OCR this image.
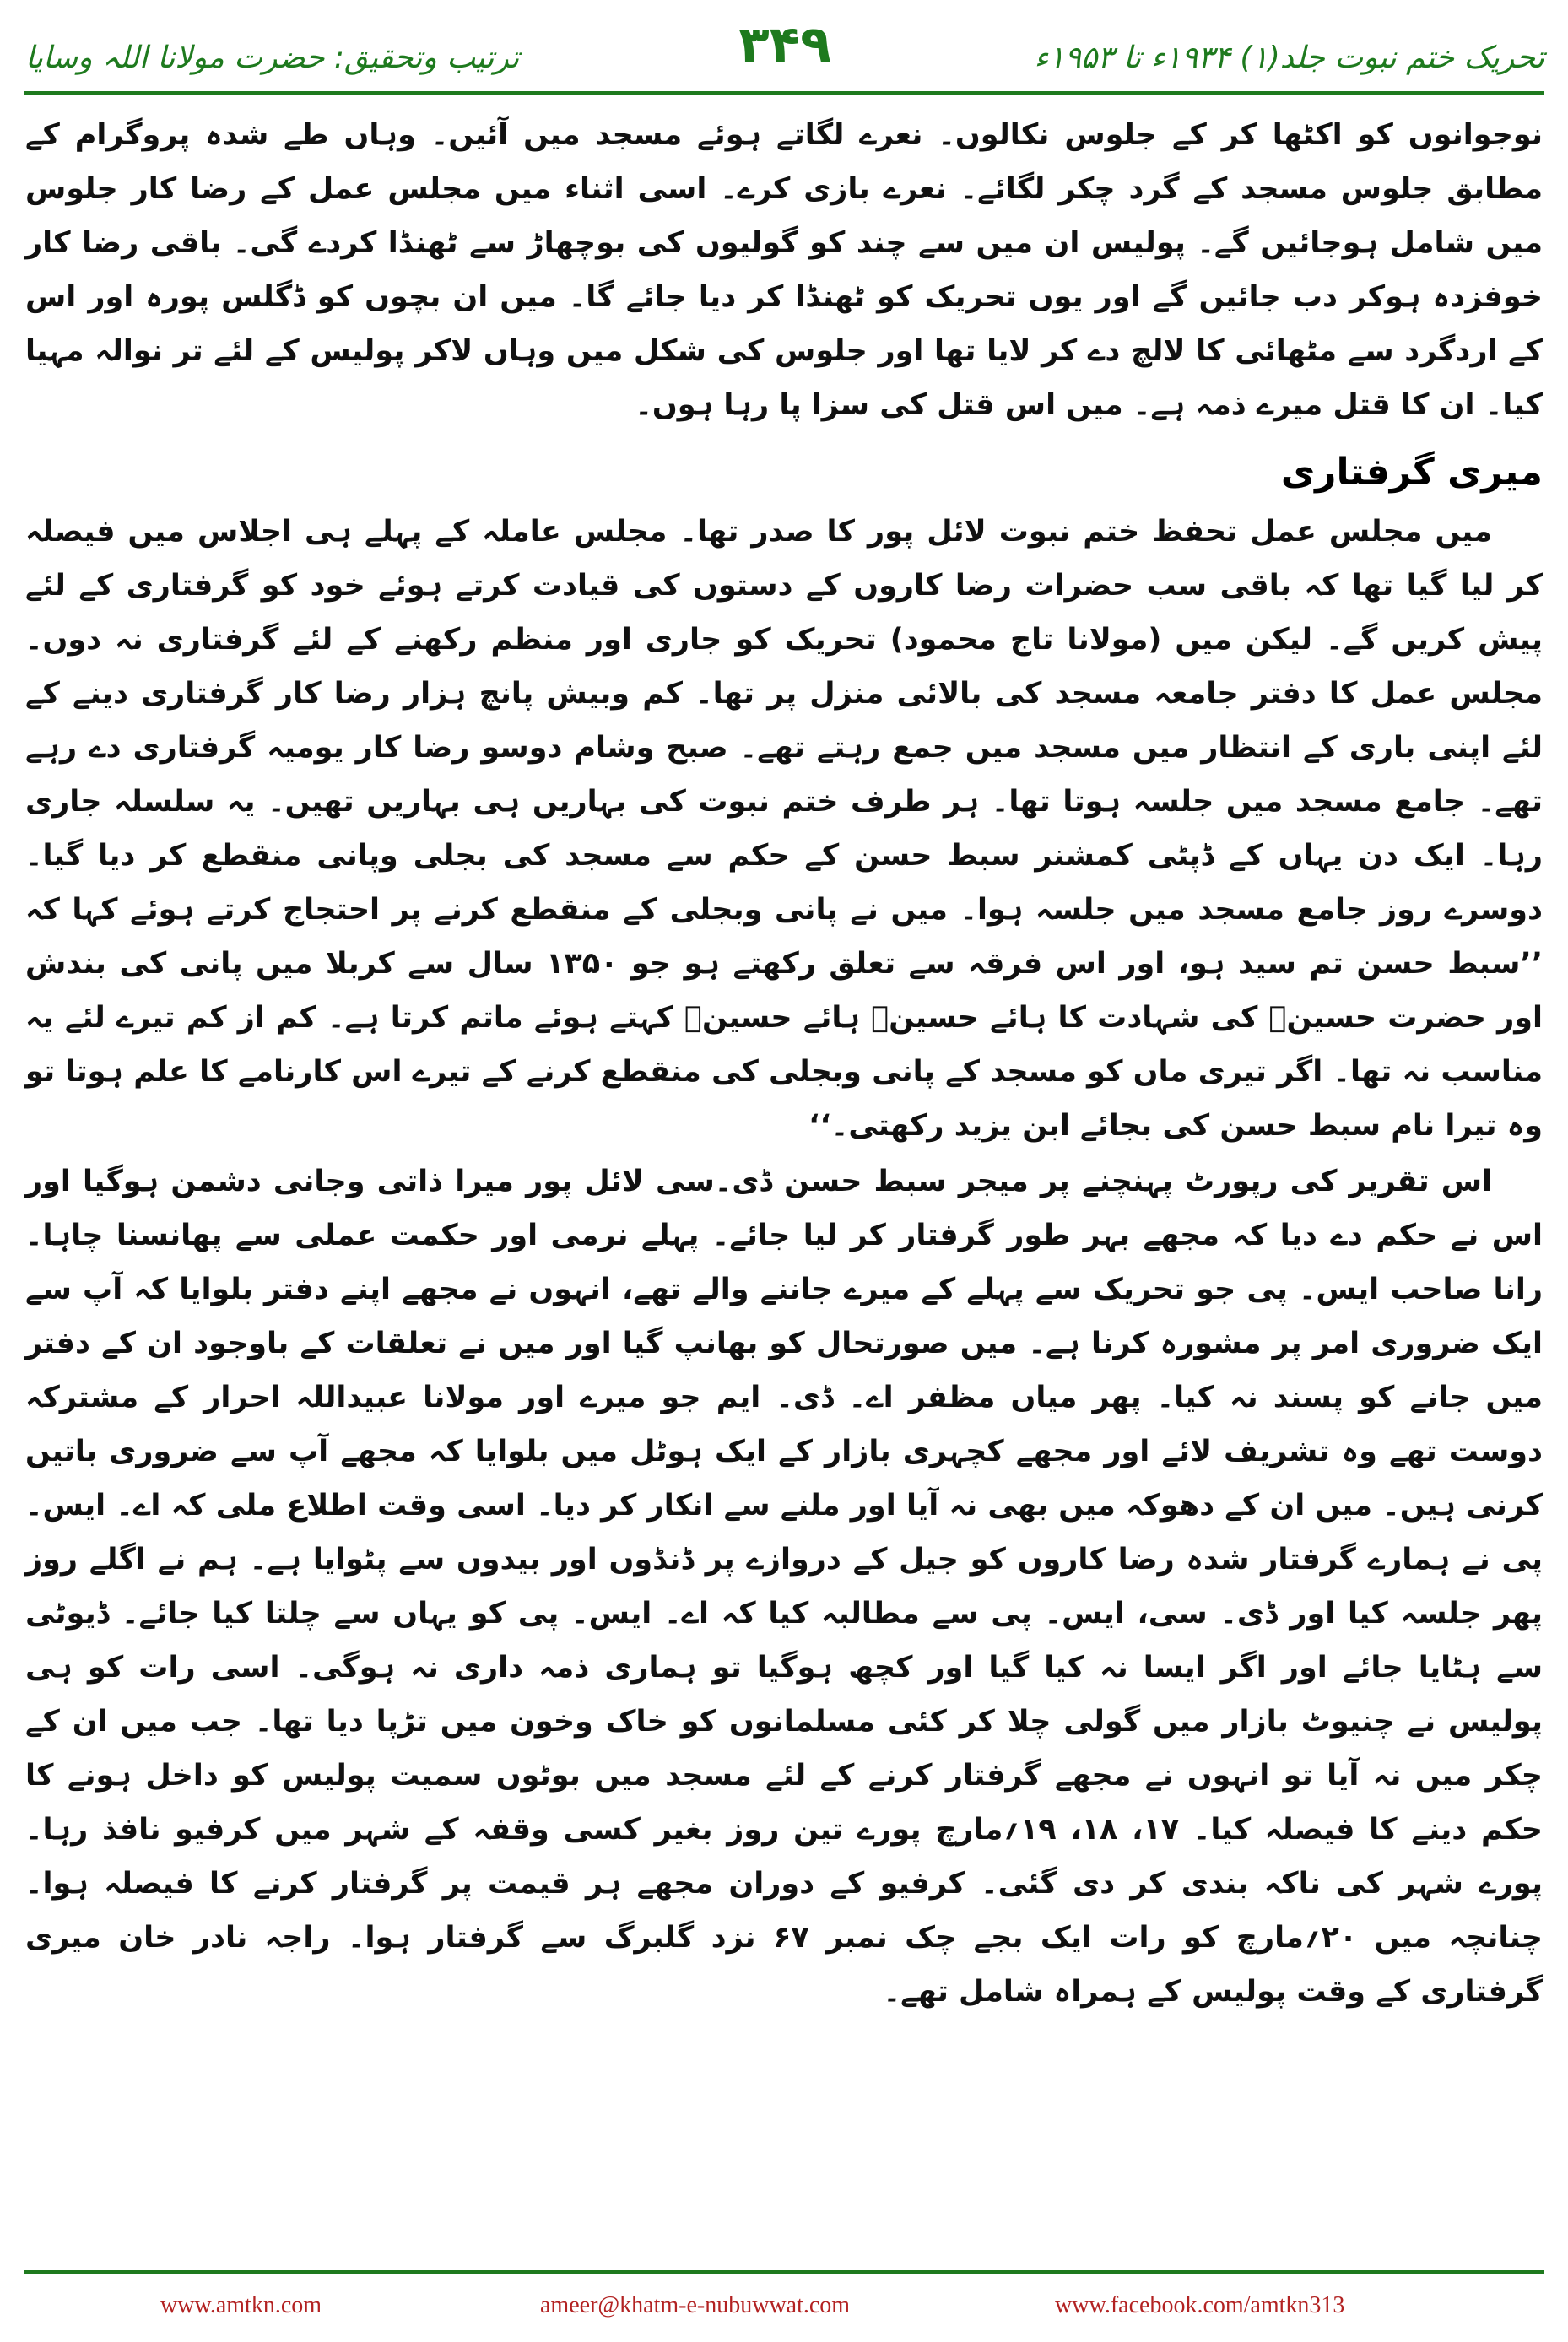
ترتیب وتحقیق: حضرت مولانا اللہ وسایا	۳۴۹	تحریک ختم نبوت جلد(۱) ۱۹۳۴ء تا ۱۹۵۳ء

نوجوانوں کو اکٹھا کر کے جلوس نکالوں۔ نعرے لگاتے ہوئے مسجد میں آئیں۔ وہاں طے شدہ پروگرام کے مطابق جلوس مسجد کے گرد چکر لگائے۔ نعرے بازی کرے۔ اسی اثناء میں مجلس عمل کے رضا کار جلوس میں شامل ہوجائیں گے۔ پولیس ان میں سے چند کو گولیوں کی بوچھاڑ سے ٹھنڈا کردے گی۔ باقی رضا کار خوفزدہ ہوکر دب جائیں گے اور یوں تحریک کو ٹھنڈا کر دیا جائے گا۔ میں ان بچوں کو ڈگلس پورہ اور اس کے اردگرد سے مٹھائی کا لالچ دے کر لایا تھا اور جلوس کی شکل میں وہاں لاکر پولیس کے لئے تر نوالہ مہیا کیا۔ ان کا قتل میرے ذمہ ہے۔ میں اس قتل کی سزا پا رہا ہوں۔

میری گرفتاری

میں مجلس عمل تحفظ ختم نبوت لائل پور کا صدر تھا۔ مجلس عاملہ کے پہلے ہی اجلاس میں فیصلہ کر لیا گیا تھا کہ باقی سب حضرات رضا کاروں کے دستوں کی قیادت کرتے ہوئے خود کو گرفتاری کے لئے پیش کریں گے۔ لیکن میں (مولانا تاج محمود) تحریک کو جاری اور منظم رکھنے کے لئے گرفتاری نہ دوں۔ مجلس عمل کا دفتر جامعہ مسجد کی بالائی منزل پر تھا۔ کم وبیش پانچ ہزار رضا کار گرفتاری دینے کے لئے اپنی باری کے انتظار میں مسجد میں جمع رہتے تھے۔ صبح وشام دوسو رضا کار یومیہ گرفتاری دے رہے تھے۔ جامع مسجد میں جلسہ ہوتا تھا۔ ہر طرف ختم نبوت کی بہاریں ہی بہاریں تھیں۔ یہ سلسلہ جاری رہا۔ ایک دن یہاں کے ڈپٹی کمشنر سبط حسن کے حکم سے مسجد کی بجلی وپانی منقطع کر دیا گیا۔ دوسرے روز جامع مسجد میں جلسہ ہوا۔ میں نے پانی وبجلی کے منقطع کرنے پر احتجاج کرتے ہوئے کہا کہ ’’سبط حسن تم سید ہو، اور اس فرقہ سے تعلق رکھتے ہو جو ۱۳۵۰ سال سے کربلا میں پانی کی بندش اور حضرت حسینؓ کی شہادت کا ہائے حسینؓ ہائے حسینؓ کہتے ہوئے ماتم کرتا ہے۔ کم از کم تیرے لئے یہ مناسب نہ تھا۔ اگر تیری ماں کو مسجد کے پانی وبجلی کی منقطع کرنے کے تیرے اس کارنامے کا علم ہوتا تو وہ تیرا نام سبط حسن کی بجائے ابن یزید رکھتی۔‘‘

اس تقریر کی رپورٹ پہنچنے پر میجر سبط حسن ڈی۔سی لائل پور میرا ذاتی وجانی دشمن ہوگیا اور اس نے حکم دے دیا کہ مجھے بہر طور گرفتار کر لیا جائے۔ پہلے نرمی اور حکمت عملی سے پھانسنا چاہا۔ رانا صاحب ایس۔ پی جو تحریک سے پہلے کے میرے جاننے والے تھے، انہوں نے مجھے اپنے دفتر بلوایا کہ آپ سے ایک ضروری امر پر مشورہ کرنا ہے۔ میں صورتحال کو بھانپ گیا اور میں نے تعلقات کے باوجود ان کے دفتر میں جانے کو پسند نہ کیا۔ پھر میاں مظفر اے۔ ڈی۔ ایم جو میرے اور مولانا عبیداللہ احرار کے مشترکہ دوست تھے وہ تشریف لائے اور مجھے کچہری بازار کے ایک ہوٹل میں بلوایا کہ مجھے آپ سے ضروری باتیں کرنی ہیں۔ میں ان کے دھوکہ میں بھی نہ آیا اور ملنے سے انکار کر دیا۔ اسی وقت اطلاع ملی کہ اے۔ ایس۔ پی نے ہمارے گرفتار شدہ رضا کاروں کو جیل کے دروازے پر ڈنڈوں اور بیدوں سے پٹوایا ہے۔ ہم نے اگلے روز پھر جلسہ کیا اور ڈی۔ سی، ایس۔ پی سے مطالبہ کیا کہ اے۔ ایس۔ پی کو یہاں سے چلتا کیا جائے۔ ڈیوٹی سے ہٹایا جائے اور اگر ایسا نہ کیا گیا اور کچھ ہوگیا تو ہماری ذمہ داری نہ ہوگی۔ اسی رات کو ہی پولیس نے چنیوٹ بازار میں گولی چلا کر کئی مسلمانوں کو خاک وخون میں تڑپا دیا تھا۔ جب میں ان کے چکر میں نہ آیا تو انہوں نے مجھے گرفتار کرنے کے لئے مسجد میں بوٹوں سمیت پولیس کو داخل ہونے کا حکم دینے کا فیصلہ کیا۔ ۱۷، ۱۸، ۱۹؍مارچ پورے تین روز بغیر کسی وقفہ کے شہر میں کرفیو نافذ رہا۔ پورے شہر کی ناکہ بندی کر دی گئی۔ کرفیو کے دوران مجھے ہر قیمت پر گرفتار کرنے کا فیصلہ ہوا۔ چنانچہ میں ۲۰؍مارچ کو رات ایک بجے چک نمبر ۶۷ نزد گلبرگ سے گرفتار ہوا۔ راجہ نادر خان میری گرفتاری کے وقت پولیس کے ہمراہ شامل تھے۔

www.amtkn.com	ameer@khatm-e-nubuwwat.com	www.facebook.com/amtkn313
